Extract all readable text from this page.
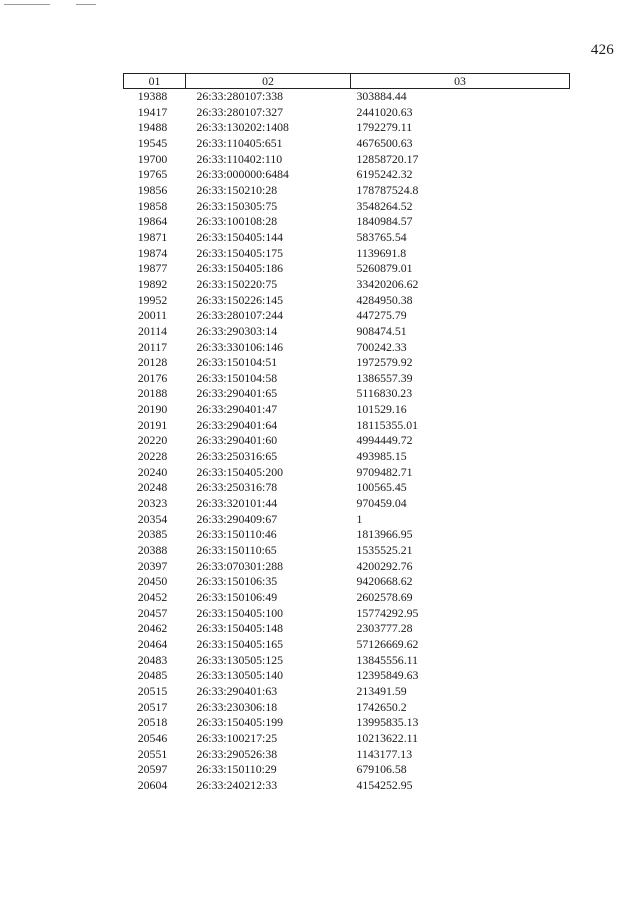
426
01	02	03
19388	26:33:280107:338	303884.44
19417	26:33:280107:327	2441020.63
19488	26:33:130202:1408	1792279.11
19545	26:33:110405:651	4676500.63
19700	26:33:110402:110	12858720.17
19765	26:33:000000:6484	6195242.32
19856	26:33:150210:28	178787524.8
19858	26:33:150305:75	3548264.52
19864	26:33:100108:28	1840984.57
19871	26:33:150405:144	583765.54
19874	26:33:150405:175	1139691.8
19877	26:33:150405:186	5260879.01
19892	26:33:150220:75	33420206.62
19952	26:33:150226:145	4284950.38
20011	26:33:280107:244	447275.79
20114	26:33:290303:14	908474.51
20117	26:33:330106:146	700242.33
20128	26:33:150104:51	1972579.92
20176	26:33:150104:58	1386557.39
20188	26:33:290401:65	5116830.23
20190	26:33:290401:47	101529.16
20191	26:33:290401:64	18115355.01
20220	26:33:290401:60	4994449.72
20228	26:33:250316:65	493985.15
20240	26:33:150405:200	9709482.71
20248	26:33:250316:78	100565.45
20323	26:33:320101:44	970459.04
20354	26:33:290409:67	1
20385	26:33:150110:46	1813966.95
20388	26:33:150110:65	1535525.21
20397	26:33:070301:288	4200292.76
20450	26:33:150106:35	9420668.62
20452	26:33:150106:49	2602578.69
20457	26:33:150405:100	15774292.95
20462	26:33:150405:148	2303777.28
20464	26:33:150405:165	57126669.62
20483	26:33:130505:125	13845556.11
20485	26:33:130505:140	12395849.63
20515	26:33:290401:63	213491.59
20517	26:33:230306:18	1742650.2
20518	26:33:150405:199	13995835.13
20546	26:33:100217:25	10213622.11
20551	26:33:290526:38	1143177.13
20597	26:33:150110:29	679106.58
20604	26:33:240212:33	4154252.95
